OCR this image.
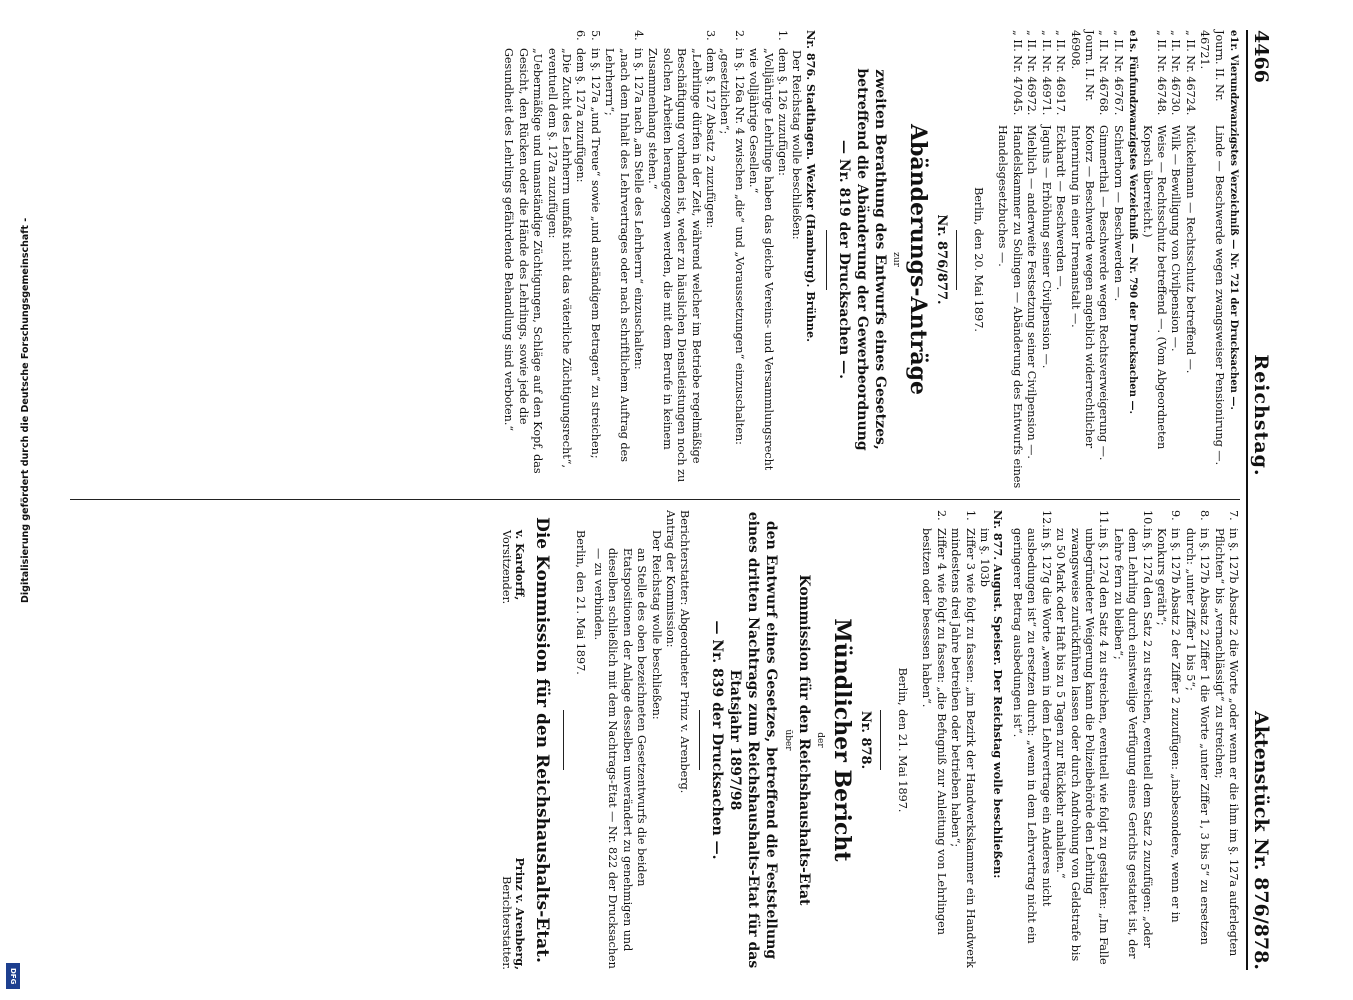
4466
Reichstag.
Aktenstück Nr. 876/878.
e1r. Vierundzwanzigstes Verzeichniß — Nr. 721 der Drucksachen —.
Journ. II. Nr. 46721.
Linde — Beschwerde wegen zwangsweiser Pensionirung —.
„ II. Nr. 46724.
Mückelmann — Rechtsschutz betreffend —.
„ II. Nr. 46730.
Wilk — Bewilligung von Civilpension —.
„ II. Nr. 46748.
Weise — Rechtsschutz betreffend —. (Vom Abgeordneten Kopsch überreicht.)
e1s. Fünfundzwanzigstes Verzeichniß — Nr. 790 der Drucksachen —.
„ II. Nr. 46767.
Schierhorn — Beschwerden —.
„ II. Nr. 46768.
Gimmerthal — Beschwerde wegen Rechtsverweigerung —.
Journ. II. Nr. 46908.
Kotorz — Beschwerde wegen angeblich widerrechtlicher Internirung in einer Irrenanstalt —.
„ II. Nr. 46917.
Eckhardt — Beschwerden —.
„ II. Nr. 46971.
Jaguhs — Erhöhung seiner Civilpension —.
„ II. Nr. 46972.
Miehlich — anderweite Festsetzung seiner Civilpension —.
„ II. Nr. 47045.
Handelskammer zu Solingen — Abänderung des Entwurfs eines Handelsgesetzbuches —.
Berlin, den 20. Mai 1897.
Nr. 876/877.
Abänderungs-Anträge
zur
zweiten Berathung des Entwurfs eines Gesetzes, betreffend die Abänderung der Gewerbeordnung
— Nr. 819 der Drucksachen —.
Nr. 876. Stadthagen. Wezker (Hamburg). Brühne.
Der Reichstag wolle beschließen:
1.
dem §. 126 zuzufügen:
„Volljährige Lehrlinge haben das gleiche Vereins- und Versammlungsrecht wie volljährige Gesellen.“
2.
in §. 126a Nr. 4 zwischen „die“ und „Voraussetzungen“ einzuschalten: „gesetzlichen“;
3.
dem §. 127 Absatz 2 zuzufügen:
„Lehrlinge dürfen in der Zeit, während welcher im Betriebe regelmäßige Beschäftigung vorhanden ist, weder zu häuslichen Dienstleistungen noch zu solchen Arbeiten herangezogen werden, die mit dem Berufe in keinem Zusammenhang stehen.“
4.
in §. 127a nach „an Stelle des Lehrherrn“ einzuschalten:
„nach dem Inhalt des Lehrvertrages oder nach schriftlichem Auftrag des Lehrherrn“;
5.
in §. 127a „und Treue“ sowie „und anständigem Betragen“ zu streichen;
6.
dem §. 127a zuzufügen:
„Die Zucht des Lehrherrn umfaßt nicht das väterliche Züchtigungsrecht“,
eventuell dem §. 127a zuzufügen:
„Uebermäßige und unanständige Züchtigungen, Schläge auf den Kopf, das Gesicht, den Rücken oder die Hände des Lehrlings, sowie jede die Gesundheit des Lehrlings gefährdende Behandlung sind verboten.“
7.
in §. 127b Absatz 2 die Worte „oder wenn er die ihm im §. 127a auferlegten Pflichten“ bis „vernachlässigt“ zu streichen;
8.
in §. 127b Absatz 2 Ziffer 1 die Worte „unter Ziffer 1, 3 bis 5“ zu ersetzen durch: „unter Ziffer 1 bis 5“;
9.
in §. 127b Absatz 2 der Ziffer 2 zuzufügen: „insbesondere, wenn er in Konkurs geräth“;
10.
in §. 127d den Satz 2 zu streichen, eventuell dem Satz 2 zuzufügen: „oder dem Lehrling durch einstweilige Verfügung eines Gerichts gestattet ist, der Lehre fern zu bleiben“;
11.
in §. 127d den Satz 4 zu streichen, eventuell wie folgt zu gestalten: „Im Falle unbegründeter Weigerung kann die Polizeibehörde den Lehrling zwangsweise zurückführen lassen oder durch Androhung von Geldstrafe bis zu 50 Mark oder Haft bis zu 5 Tagen zur Rückkehr anhalten.“
12.
in §. 127g die Worte „wenn in dem Lehrvertrage ein Anderes nicht ausbedungen ist“ zu ersetzen durch: „wenn in dem Lehrvertrag nicht ein geringerer Betrag ausbedungen ist“.
Nr. 877. August. Speiser. Der Reichstag wolle beschließen:
im §. 103b
1.
Ziffer 3 wie folgt zu fassen: „im Bezirk der Handwerkskammer ein Handwerk mindestens drei Jahre betreiben oder betrieben haben“;
2.
Ziffer 4 wie folgt zu fassen: „die Befugniß zur Anleitung von Lehrlingen besitzen oder besessen haben“.
Berlin, den 21. Mai 1897.
Nr. 878.
Mündlicher Bericht
der
Kommission für den Reichshaushalts-Etat
über
den Entwurf eines Gesetzes, betreffend die Feststellung eines dritten Nachtrags zum Reichshaushalts-Etat für das Etatsjahr 1897/98
— Nr. 839 der Drucksachen —.
Berichterstatter: Abgeordneter Prinz v. Arenberg.
Antrag der Kommission:
Der Reichstag wolle beschließen:
an Stelle des oben bezeichneten Gesetzentwurfs die beiden Etatspositionen der Anlage desselben unverändert zu genehmigen und dieselben schließlich mit dem Nachtrags-Etat — Nr. 822 der Drucksachen — zu verbinden.
Berlin, den 21. Mai 1897.
Die Kommission für den Reichshaushalts-Etat.
v. Kardorff,
Vorsitzender.
Prinz v. Arenberg,
Berichterstatter.
Digitalisierung gefördert durch die Deutsche Forschungsgemeinschaft -
DFG
